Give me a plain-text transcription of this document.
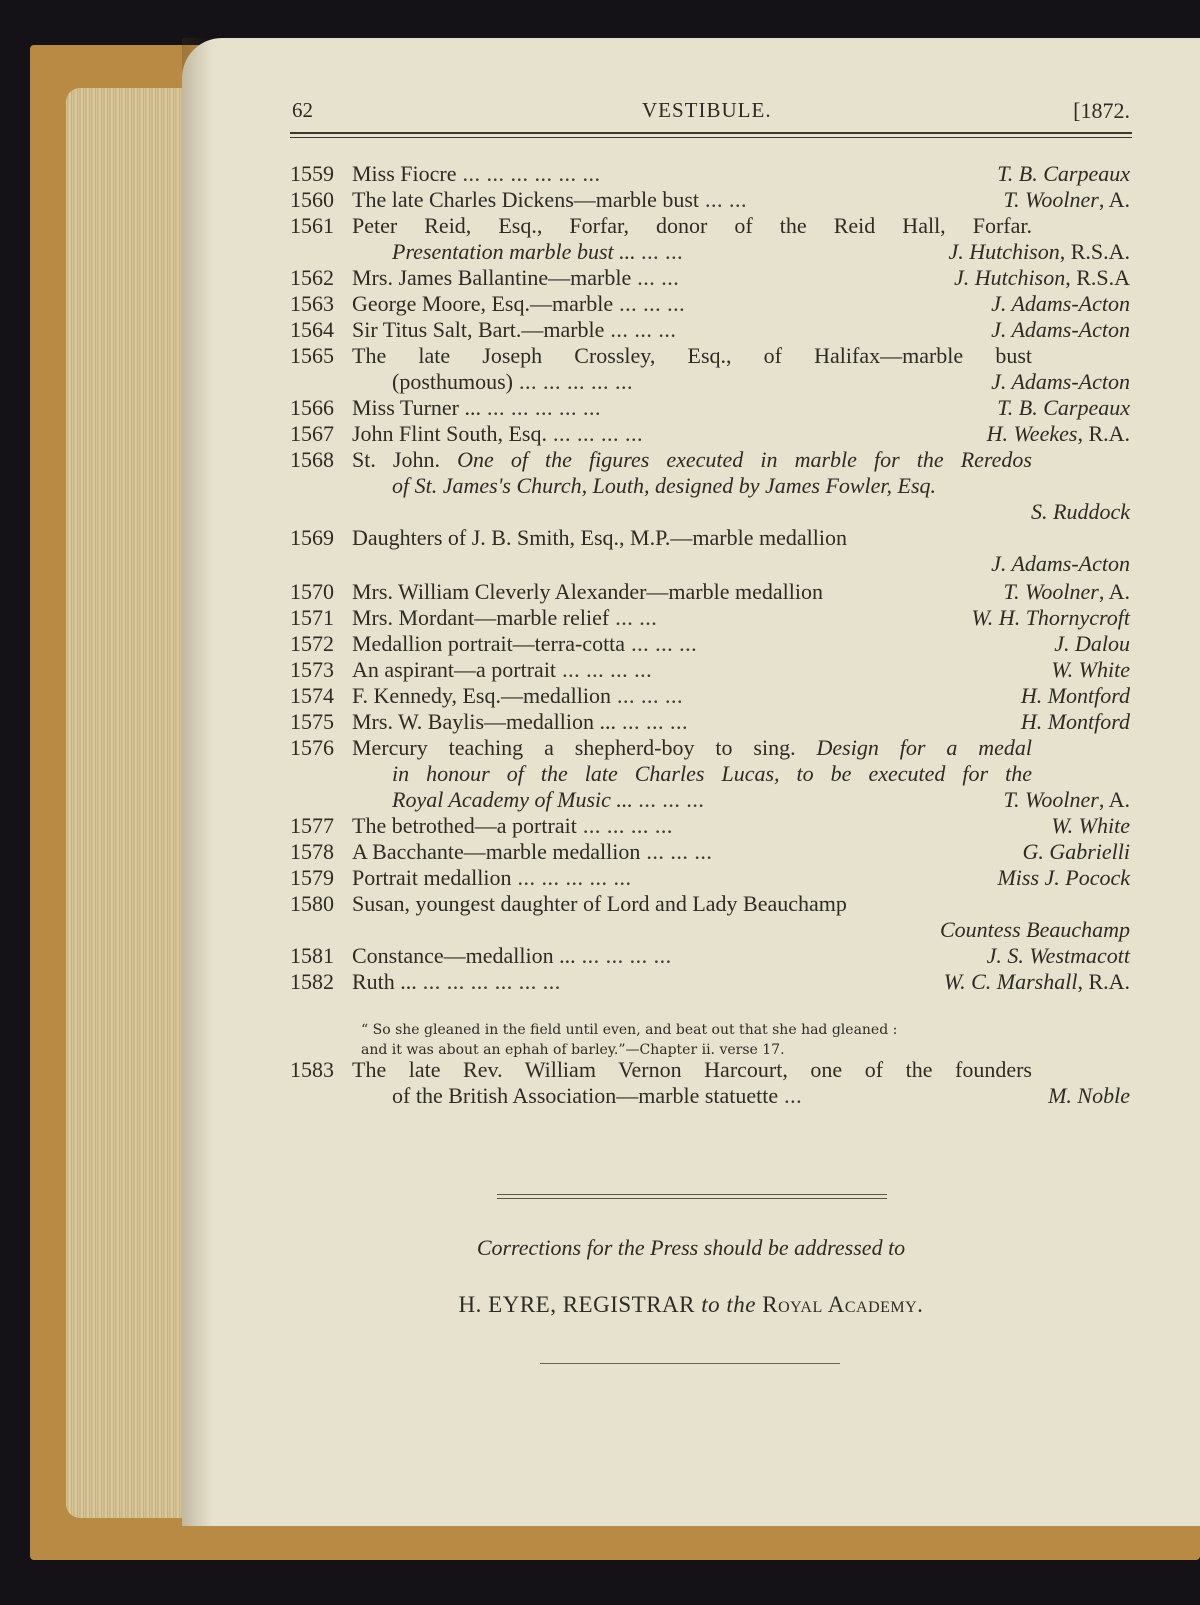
62	VESTIBULE.	[1872.
1559 Miss Fiocre ... ... ... ... ... ...	T. B. Carpeaux
1560 The late Charles Dickens—marble bust ... ...	T. Woolner, A.
1561 Peter Reid, Esq., Forfar, donor of the Reid Hall, Forfar.
Presentation marble bust ... ... ...	J. Hutchison, R.S.A.
1562 Mrs. James Ballantine—marble ... ...	J. Hutchison, R.S.A
1563 George Moore, Esq.—marble ... ... ...	J. Adams-Acton
1564 Sir Titus Salt, Bart.—marble ... ... ...	J. Adams-Acton
1565 The late Joseph Crossley, Esq., of Halifax—marble bust
(posthumous) ... ... ... ... ...	J. Adams-Acton
1566 Miss Turner ... ... ... ... ... ...	T. B. Carpeaux
1567 John Flint South, Esq. ... ... ... ...	H. Weekes, R.A.
1568 St. John. One of the figures executed in marble for the Reredos
of St. James's Church, Louth, designed by James Fowler, Esq.
S. Ruddock
1569 Daughters of J. B. Smith, Esq., M.P.—marble medallion
J. Adams-Acton
1570 Mrs. William Cleverly Alexander—marble medallion	T. Woolner, A.
1571 Mrs. Mordant—marble relief ... ...	W. H. Thornycroft
1572 Medallion portrait—terra-cotta ... ... ...	J. Dalou
1573 An aspirant—a portrait ... ... ... ...	W. White
1574 F. Kennedy, Esq.—medallion ... ... ...	H. Montford
1575 Mrs. W. Baylis—medallion ... ... ... ...	H. Montford
1576 Mercury teaching a shepherd-boy to sing. Design for a medal
in honour of the late Charles Lucas, to be executed for the
Royal Academy of Music ... ... ... ...	T. Woolner, A.
1577 The betrothed—a portrait ... ... ... ...	W. White
1578 A Bacchante—marble medallion ... ... ...	G. Gabrielli
1579 Portrait medallion ... ... ... ... ...	Miss J. Pocock
1580 Susan, youngest daughter of Lord and Lady Beauchamp
Countess Beauchamp
1581 Constance—medallion ... ... ... ... ...	J. S. Westmacott
1582 Ruth ... ... ... ... ... ... ...	W. C. Marshall, R.A.
1583 The late Rev. William Vernon Harcourt, one of the founders
of the British Association—marble statuette ...	M. Noble
“ So she gleaned in the field until even, and beat out that she had gleaned :
and it was about an ephah of barley.”—Chapter ii. verse 17.
Corrections for the Press should be addressed to
H. EYRE, REGISTRAR to the Royal Academy.
